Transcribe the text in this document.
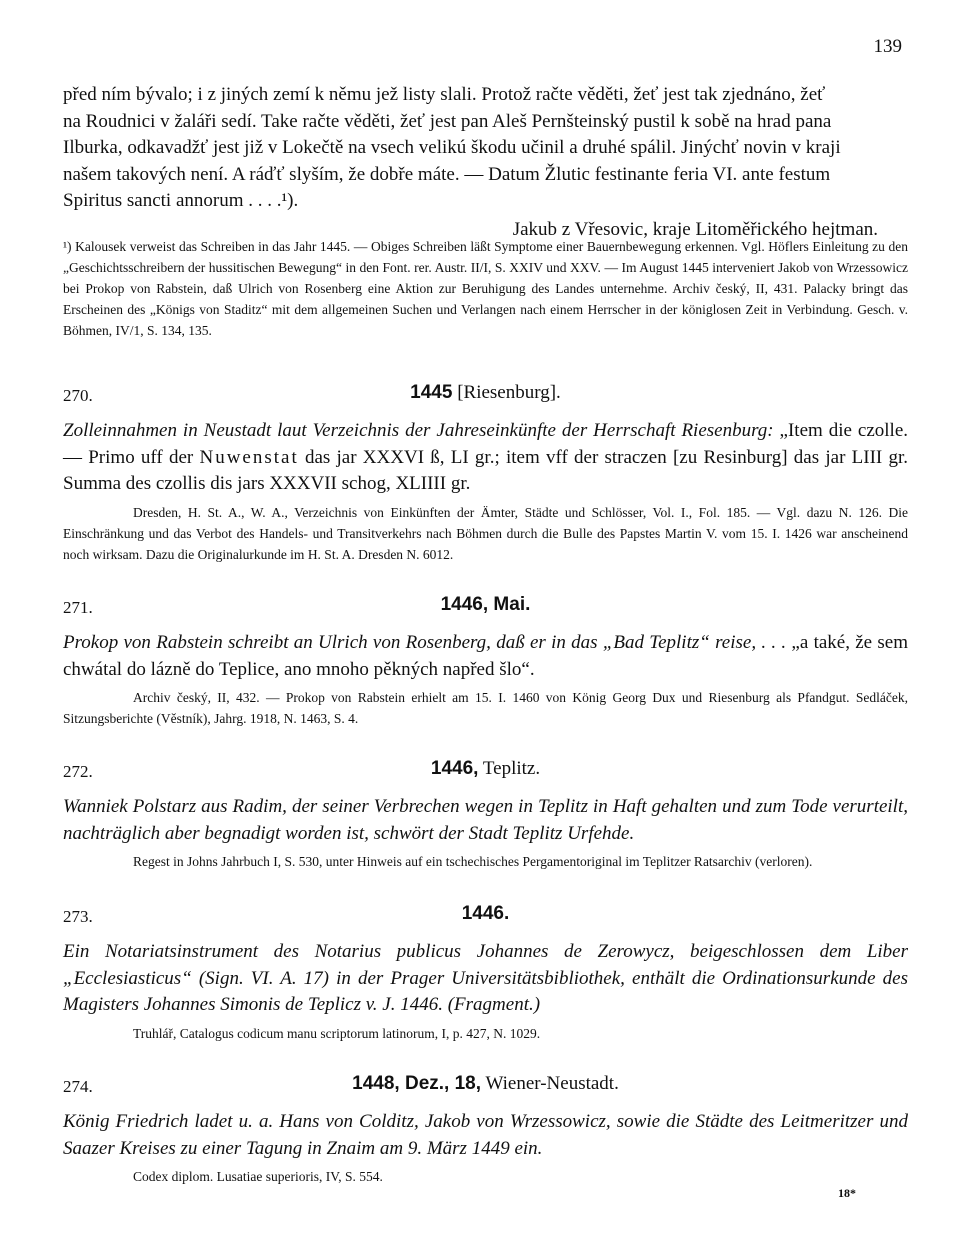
139
před ním bývalo; i z jiných zemí k němu jež listy slali. Protož račte věděti, žeť jest tak zjednáno, žeť
na Roudnici v žaláři sedí. Take račte věděti, žeť jest pan Aleš Pernšteinský pustil k sobě na hrad pana
Ilburka, odkavadžť jest již v Lokečtě na vsech velikú škodu učinil a druhé spálil. Jinýchť novin v kraji
našem takových není. A ráďť slyším, že dobře máte. — Datum Žlutic festinante feria VI. ante festum
Spiritus sancti annorum . . . .¹).
Jakub z Vřesovic, kraje Litoměřického hejtman.
¹) Kalousek verweist das Schreiben in das Jahr 1445. — Obiges Schreiben läßt Symptome einer Bauernbewegung erkennen. Vgl. Höflers Einleitung zu den „Geschichtsschreibern der hussitischen Bewegung“ in den Font. rer. Austr. II/I, S. XXIV und XXV. — Im August 1445 interveniert Jakob von Wrzessowicz bei Prokop von Rabstein, daß Ulrich von Rosenberg eine Aktion zur Beruhigung des Landes unternehme. Archiv český, II, 431. Palacky bringt das Erscheinen des „Königs von Staditz“ mit dem allgemeinen Suchen und Verlangen nach einem Herrscher in der königlosen Zeit in Verbindung. Gesch. v. Böhmen, IV/1, S. 134, 135.
270.	1445 [Riesenburg].
Zolleinnahmen in Neustadt laut Verzeichnis der Jahreseinkünfte der Herrschaft Riesenburg: „Item die czolle. — Primo uff der Nuwenstat das jar XXXVI ß, LI gr.; item vff der straczen [zu Resinburg] das jar LIII gr. Summa des czollis dis jars XXXVII schog, XLIIII gr.
Dresden, H. St. A., W. A., Verzeichnis von Einkünften der Ämter, Städte und Schlösser, Vol. I., Fol. 185. — Vgl. dazu N. 126. Die Einschränkung und das Verbot des Handels- und Transitverkehrs nach Böhmen durch die Bulle des Papstes Martin V. vom 15. I. 1426 war anscheinend noch wirksam. Dazu die Originalurkunde im H. St. A. Dresden N. 6012.
271.	1446, Mai.
Prokop von Rabstein schreibt an Ulrich von Rosenberg, daß er in das „Bad Teplitz“ reise, . . . „a také, že sem chwátal do lázně do Teplice, ano mnoho pěkných napřed šlo“.
Archiv český, II, 432. — Prokop von Rabstein erhielt am 15. I. 1460 von König Georg Dux und Riesenburg als Pfandgut. Sedláček, Sitzungsberichte (Věstník), Jahrg. 1918, N. 1463, S. 4.
272.	1446, Teplitz.
Wanniek Polstarz aus Radim, der seiner Verbrechen wegen in Teplitz in Haft gehalten und zum Tode verurteilt, nachträglich aber begnadigt worden ist, schwört der Stadt Teplitz Urfehde.
Regest in Johns Jahrbuch I, S. 530, unter Hinweis auf ein tschechisches Pergamentoriginal im Teplitzer Ratsarchiv (verloren).
273.	1446.
Ein Notariatsinstrument des Notarius publicus Johannes de Zerowycz, beigeschlossen dem Liber „Ecclesiasticus“ (Sign. VI. A. 17) in der Prager Universitätsbibliothek, enthält die Ordinationsurkunde des Magisters Johannes Simonis de Teplicz v. J. 1446. (Fragment.)
Truhlář, Catalogus codicum manu scriptorum latinorum, I, p. 427, N. 1029.
274.	1448, Dez., 18, Wiener-Neustadt.
König Friedrich ladet u. a. Hans von Colditz, Jakob von Wrzessowicz, sowie die Städte des Leitmeritzer und Saazer Kreises zu einer Tagung in Znaim am 9. März 1449 ein.
Codex diplom. Lusatiae superioris, IV, S. 554.
18*
